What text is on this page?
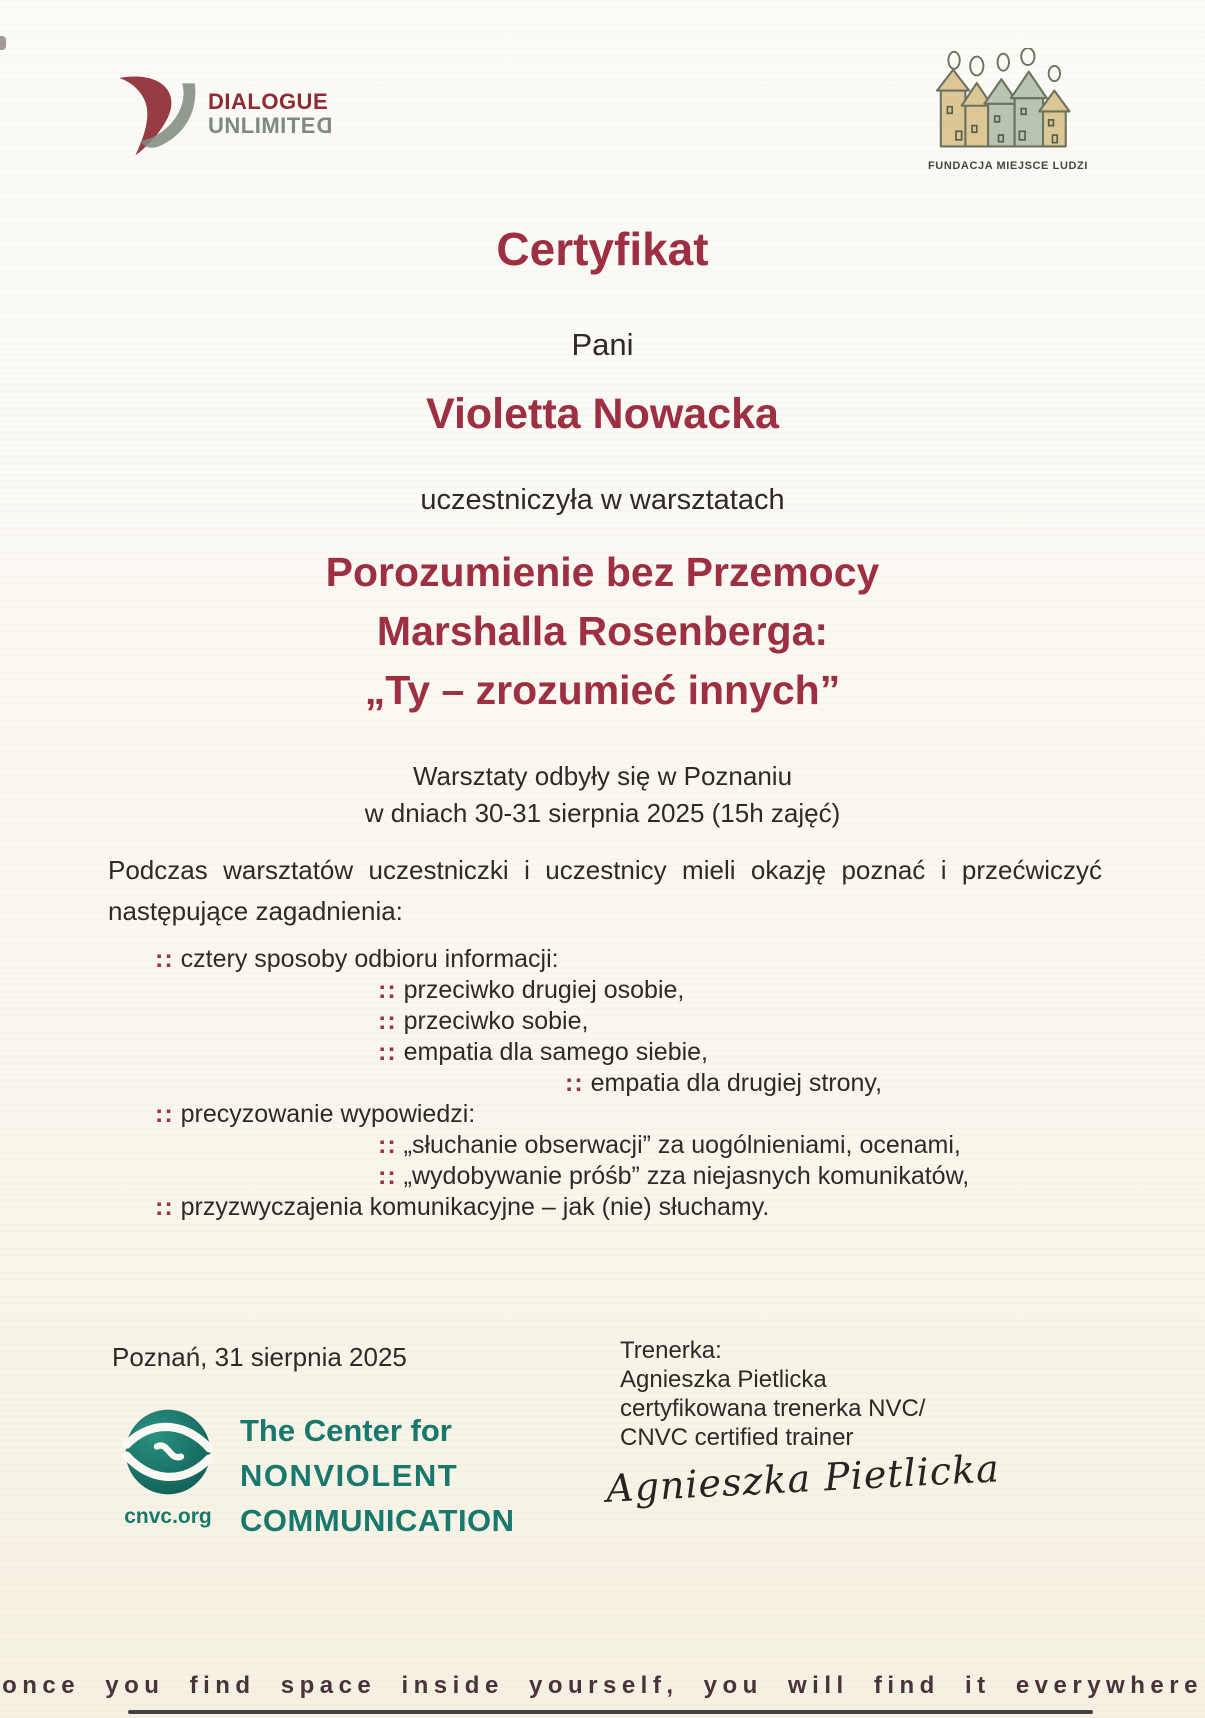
DIALOGUE
UNLIMITED
FUNDACJA MIEJSCE LUDZI
Certyfikat
Pani
Violetta Nowacka
uczestniczyła w warsztatach
Porozumienie bez Przemocy
Marshalla Rosenberga:
„Ty – zrozumieć innych”
Warsztaty odbyły się w Poznaniu
w dniach 30-31 sierpnia 2025 (15h zajęć)
Podczas warsztatów uczestniczki i uczestnicy mieli okazję poznać i przećwiczyć następujące zagadnienia:
:: cztery sposoby odbioru informacji:
:: przeciwko drugiej osobie,
:: przeciwko sobie,
:: empatia dla samego siebie,
:: empatia dla drugiej strony,
:: precyzowanie wypowiedzi:
:: „słuchanie obserwacji” za uogólnieniami, ocenami,
:: „wydobywanie próśb” zza niejasnych komunikatów,
:: przyzwyczajenia komunikacyjne – jak (nie) słuchamy.
Poznań, 31 sierpnia 2025	Trenerka:
Agnieszka Pietlicka
certyfikowana trenerka NVC/
CNVC certified trainer
cnvc.org
The Center for
NONVIOLENT
COMMUNICATION
Agnieszka Pietlicka
once you find space inside yourself, you will find it everywhere
